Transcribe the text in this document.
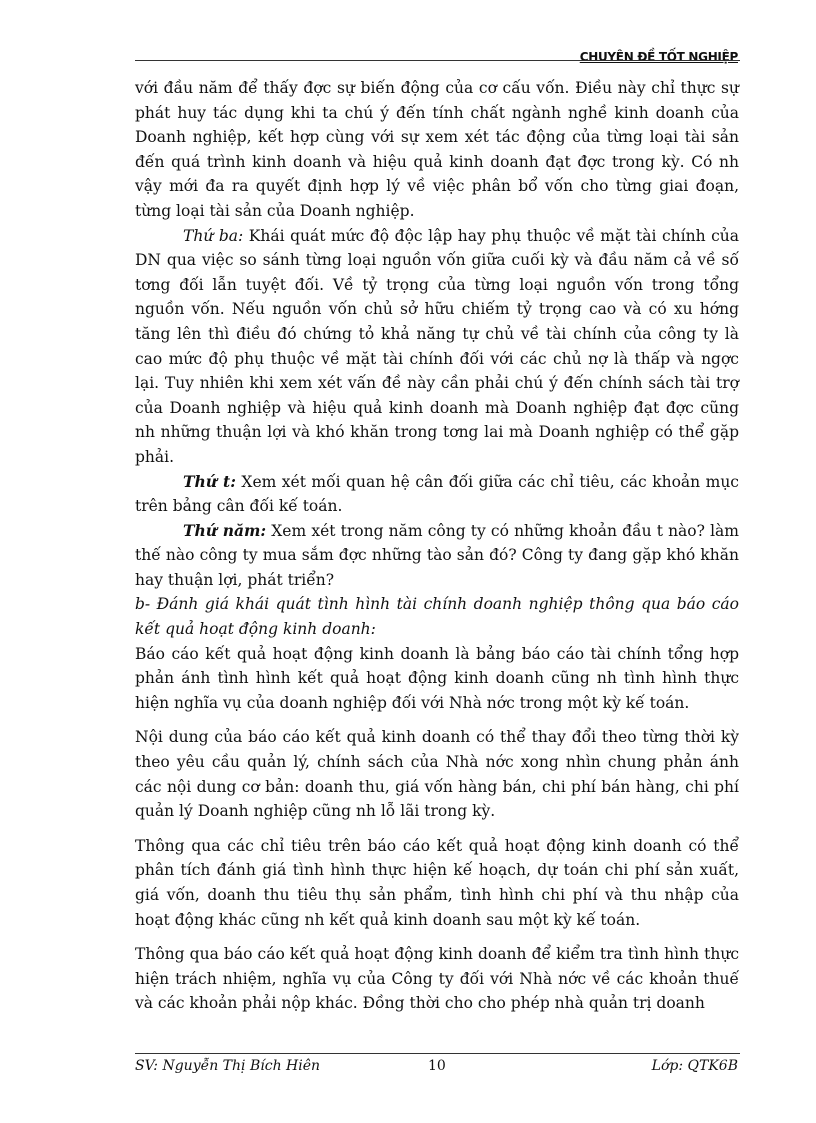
CHUYÊN ĐỀ TỐT NGHIỆP

với đầu năm để thấy đợc sự biến động của cơ cấu vốn. Điều này chỉ thực sự phát huy tác dụng khi ta chú ý đến tính chất ngành nghề kinh doanh của Doanh nghiệp, kết hợp cùng với sự xem xét tác động của từng loại tài sản đến quá trình kinh doanh và hiệu quả kinh doanh đạt đợc trong kỳ. Có nh vậy mới đa ra quyết định hợp lý về việc phân bổ vốn cho từng giai đoạn, từng loại tài sản của Doanh nghiệp.

Thứ ba: Khái quát mức độ độc lập hay phụ thuộc về mặt tài chính của DN qua việc so sánh từng loại nguồn vốn giữa cuối kỳ và đầu năm cả về số tơng đối lẫn tuyệt đối. Về tỷ trọng của từng loại nguồn vốn trong tổng nguồn vốn. Nếu nguồn vốn chủ sở hữu chiếm tỷ trọng cao và có xu hớng tăng lên thì điều đó chứng tỏ khả năng tự chủ về tài chính của công ty là cao mức độ phụ thuộc về mặt tài chính đối với các chủ nợ là thấp và ngợc lại. Tuy nhiên khi xem xét vấn đề này cần phải chú ý đến chính sách tài trợ của Doanh nghiệp và hiệu quả kinh doanh mà Doanh nghiệp đạt đợc cũng nh những thuận lợi và khó khăn trong tơng lai mà Doanh nghiệp có thể gặp phải.

Thứ t: Xem xét mối quan hệ cân đối giữa các chỉ tiêu, các khoản mục trên bảng cân đối kế toán.

Thứ năm: Xem xét trong năm công ty có những khoản đầu t nào? làm thế nào công ty mua sắm đợc những tào sản đó? Công ty đang gặp khó khăn hay thuận lợi, phát triển?

b- Đánh giá khái quát tình hình tài chính doanh nghiệp thông qua báo cáo kết quả hoạt động kinh doanh:

Báo cáo kết quả hoạt động kinh doanh là bảng báo cáo tài chính tổng hợp phản ánh tình hình kết quả hoạt động kinh doanh cũng nh tình hình thực hiện nghĩa vụ của doanh nghiệp đối với Nhà nớc trong một kỳ kế toán.

Nội dung của báo cáo kết quả kinh doanh có thể thay đổi theo từng thời kỳ theo yêu cầu quản lý, chính sách của Nhà nớc xong nhìn chung phản ánh các nội dung cơ bản: doanh thu, giá vốn hàng bán, chi phí bán hàng, chi phí quản lý Doanh nghiệp cũng nh lỗ lãi trong kỳ.

Thông qua các chỉ tiêu trên báo cáo kết quả hoạt động kinh doanh có thể phân tích đánh giá tình hình thực hiện kế hoạch, dự toán chi phí sản xuất, giá vốn, doanh thu tiêu thụ sản phẩm, tình hình chi phí và thu nhập của hoạt động khác cũng nh kết quả kinh doanh sau một kỳ kế toán.

Thông qua báo cáo kết quả hoạt động kinh doanh để kiểm tra tình hình thực hiện trách nhiệm, nghĩa vụ của Công ty đối với Nhà nớc về các khoản thuế và các khoản phải nộp khác. Đồng thời cho cho phép nhà quản trị doanh

SV: Nguyễn Thị Bích Hiên	10	Lớp: QTK6B
